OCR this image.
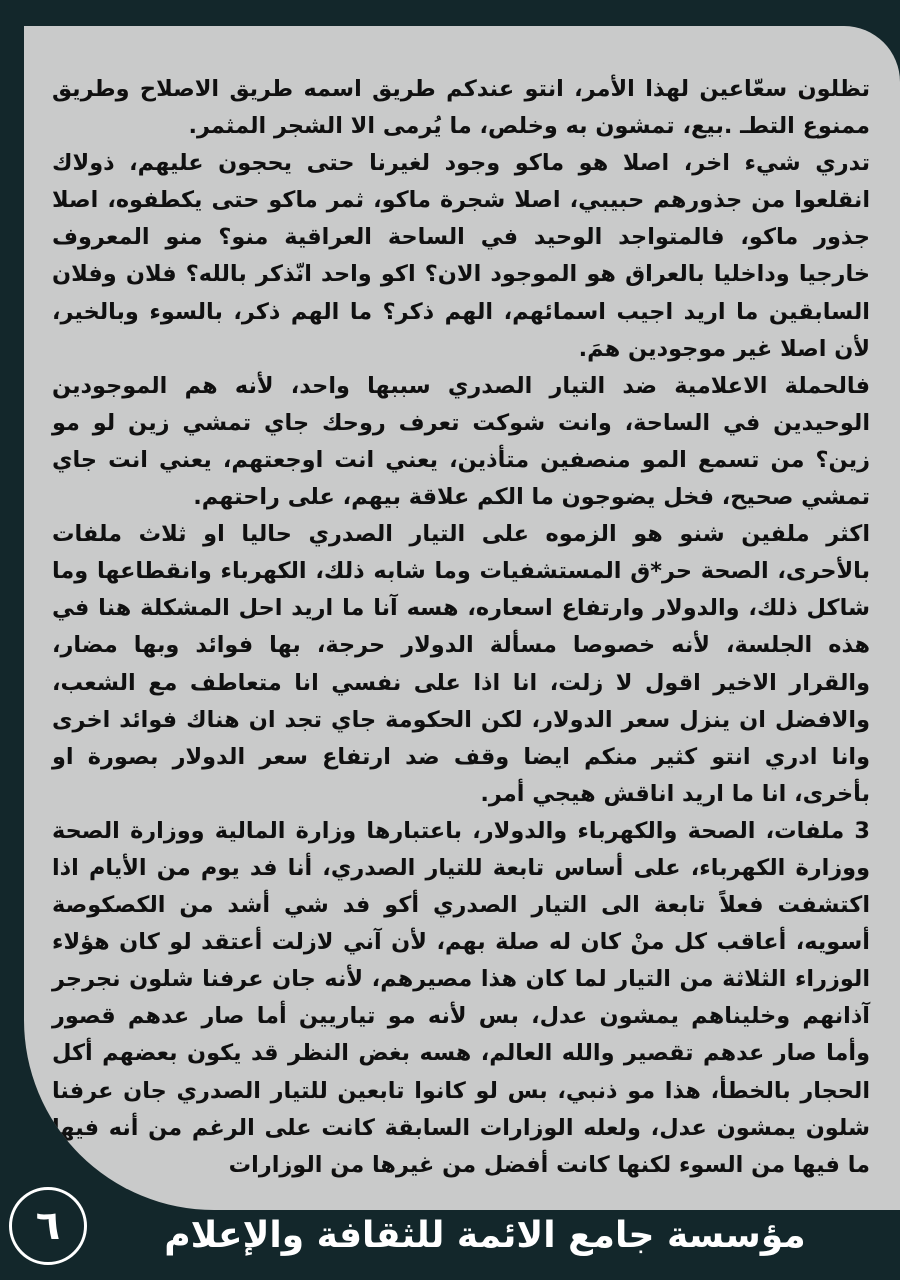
تظلون سعّاعين لهذا الأمر، انتو عندكم طريق اسمه طريق الاصلاح وطريق ممنوع التطـ .بيع، تمشون به وخلص، ما يُرمى الا الشجر المثمر.

تدري شيء اخر، اصلا هو ماكو وجود لغيرنا حتى يحجون عليهم، ذولاك انقلعوا من جذورهم حبيبي، اصلا شجرة ماكو، ثمر ماكو حتى يكطفوه، اصلا جذور ماكو، فالمتواجد الوحيد في الساحة العراقية منو؟ منو المعروف خارجيا وداخليا بالعراق هو الموجود الان؟ اكو واحد انّذكر بالله؟ فلان وفلان السابقين ما اريد اجيب اسمائهم، الهم ذكر؟ ما الهم ذكر، بالسوء وبالخير، لأن اصلا غير موجودين همَ.

فالحملة الاعلامية ضد التيار الصدري سببها واحد، لأنه هم الموجودين الوحيدين في الساحة، وانت شوكت تعرف روحك جاي تمشي زين لو مو زين؟ من تسمع المو منصفين متأذين، يعني انت اوجعتهم، يعني انت جاي تمشي صحيح، فخل يضوجون ما الكم علاقة بيهم، على راحتهم.

اكثر ملفين شنو هو الزموه على التيار الصدري حاليا او ثلاث ملفات بالأحرى، الصحة حر*ق المستشفيات وما شابه ذلك، الكهرباء وانقطاعها وما شاكل ذلك، والدولار وارتفاع اسعاره، هسه آنا ما اريد احل المشكلة هنا في هذه الجلسة، لأنه خصوصا مسألة الدولار حرجة، بها فوائد وبها مضار، والقرار الاخير اقول لا زلت، انا اذا على نفسي انا متعاطف مع الشعب، والافضل ان ينزل سعر الدولار، لكن الحكومة جاي تجد ان هناك فوائد اخرى وانا ادري انتو كثير منكم ايضا وقف ضد ارتفاع سعر الدولار بصورة او بأخرى، انا ما اريد اناقش هيجي أمر.

3 ملفات، الصحة والكهرباء والدولار، باعتبارها وزارة المالية ووزارة الصحة ووزارة الكهرباء، على أساس تابعة للتيار الصدري، أنا فد يوم من الأيام اذا اكتشفت فعلاً تابعة الى التيار الصدري أكو فد شي أشد من الكصكوصة أسويه، أعاقب كل منْ كان له صلة بهم، لأن آني لازلت أعتقد لو كان هؤلاء الوزراء الثلاثة من التيار لما كان هذا مصيرهم، لأنه جان عرفنا شلون نجرجر آذانهم وخليناهم يمشون عدل، بس لأنه مو تياريين أما صار عدهم قصور وأما صار عدهم تقصير والله العالم، هسه بغض النظر قد يكون بعضهم أكل الحجار بالخطأ، هذا مو ذنبي، بس لو كانوا تابعين للتيار الصدري جان عرفنا شلون يمشون عدل، ولعله الوزارات السابقة كانت على الرغم من أنه فيها ما فيها من السوء لكنها كانت أفضل من غيرها من الوزارات

٦	مؤسسة جامع الائمة للثقافة والإعلام
